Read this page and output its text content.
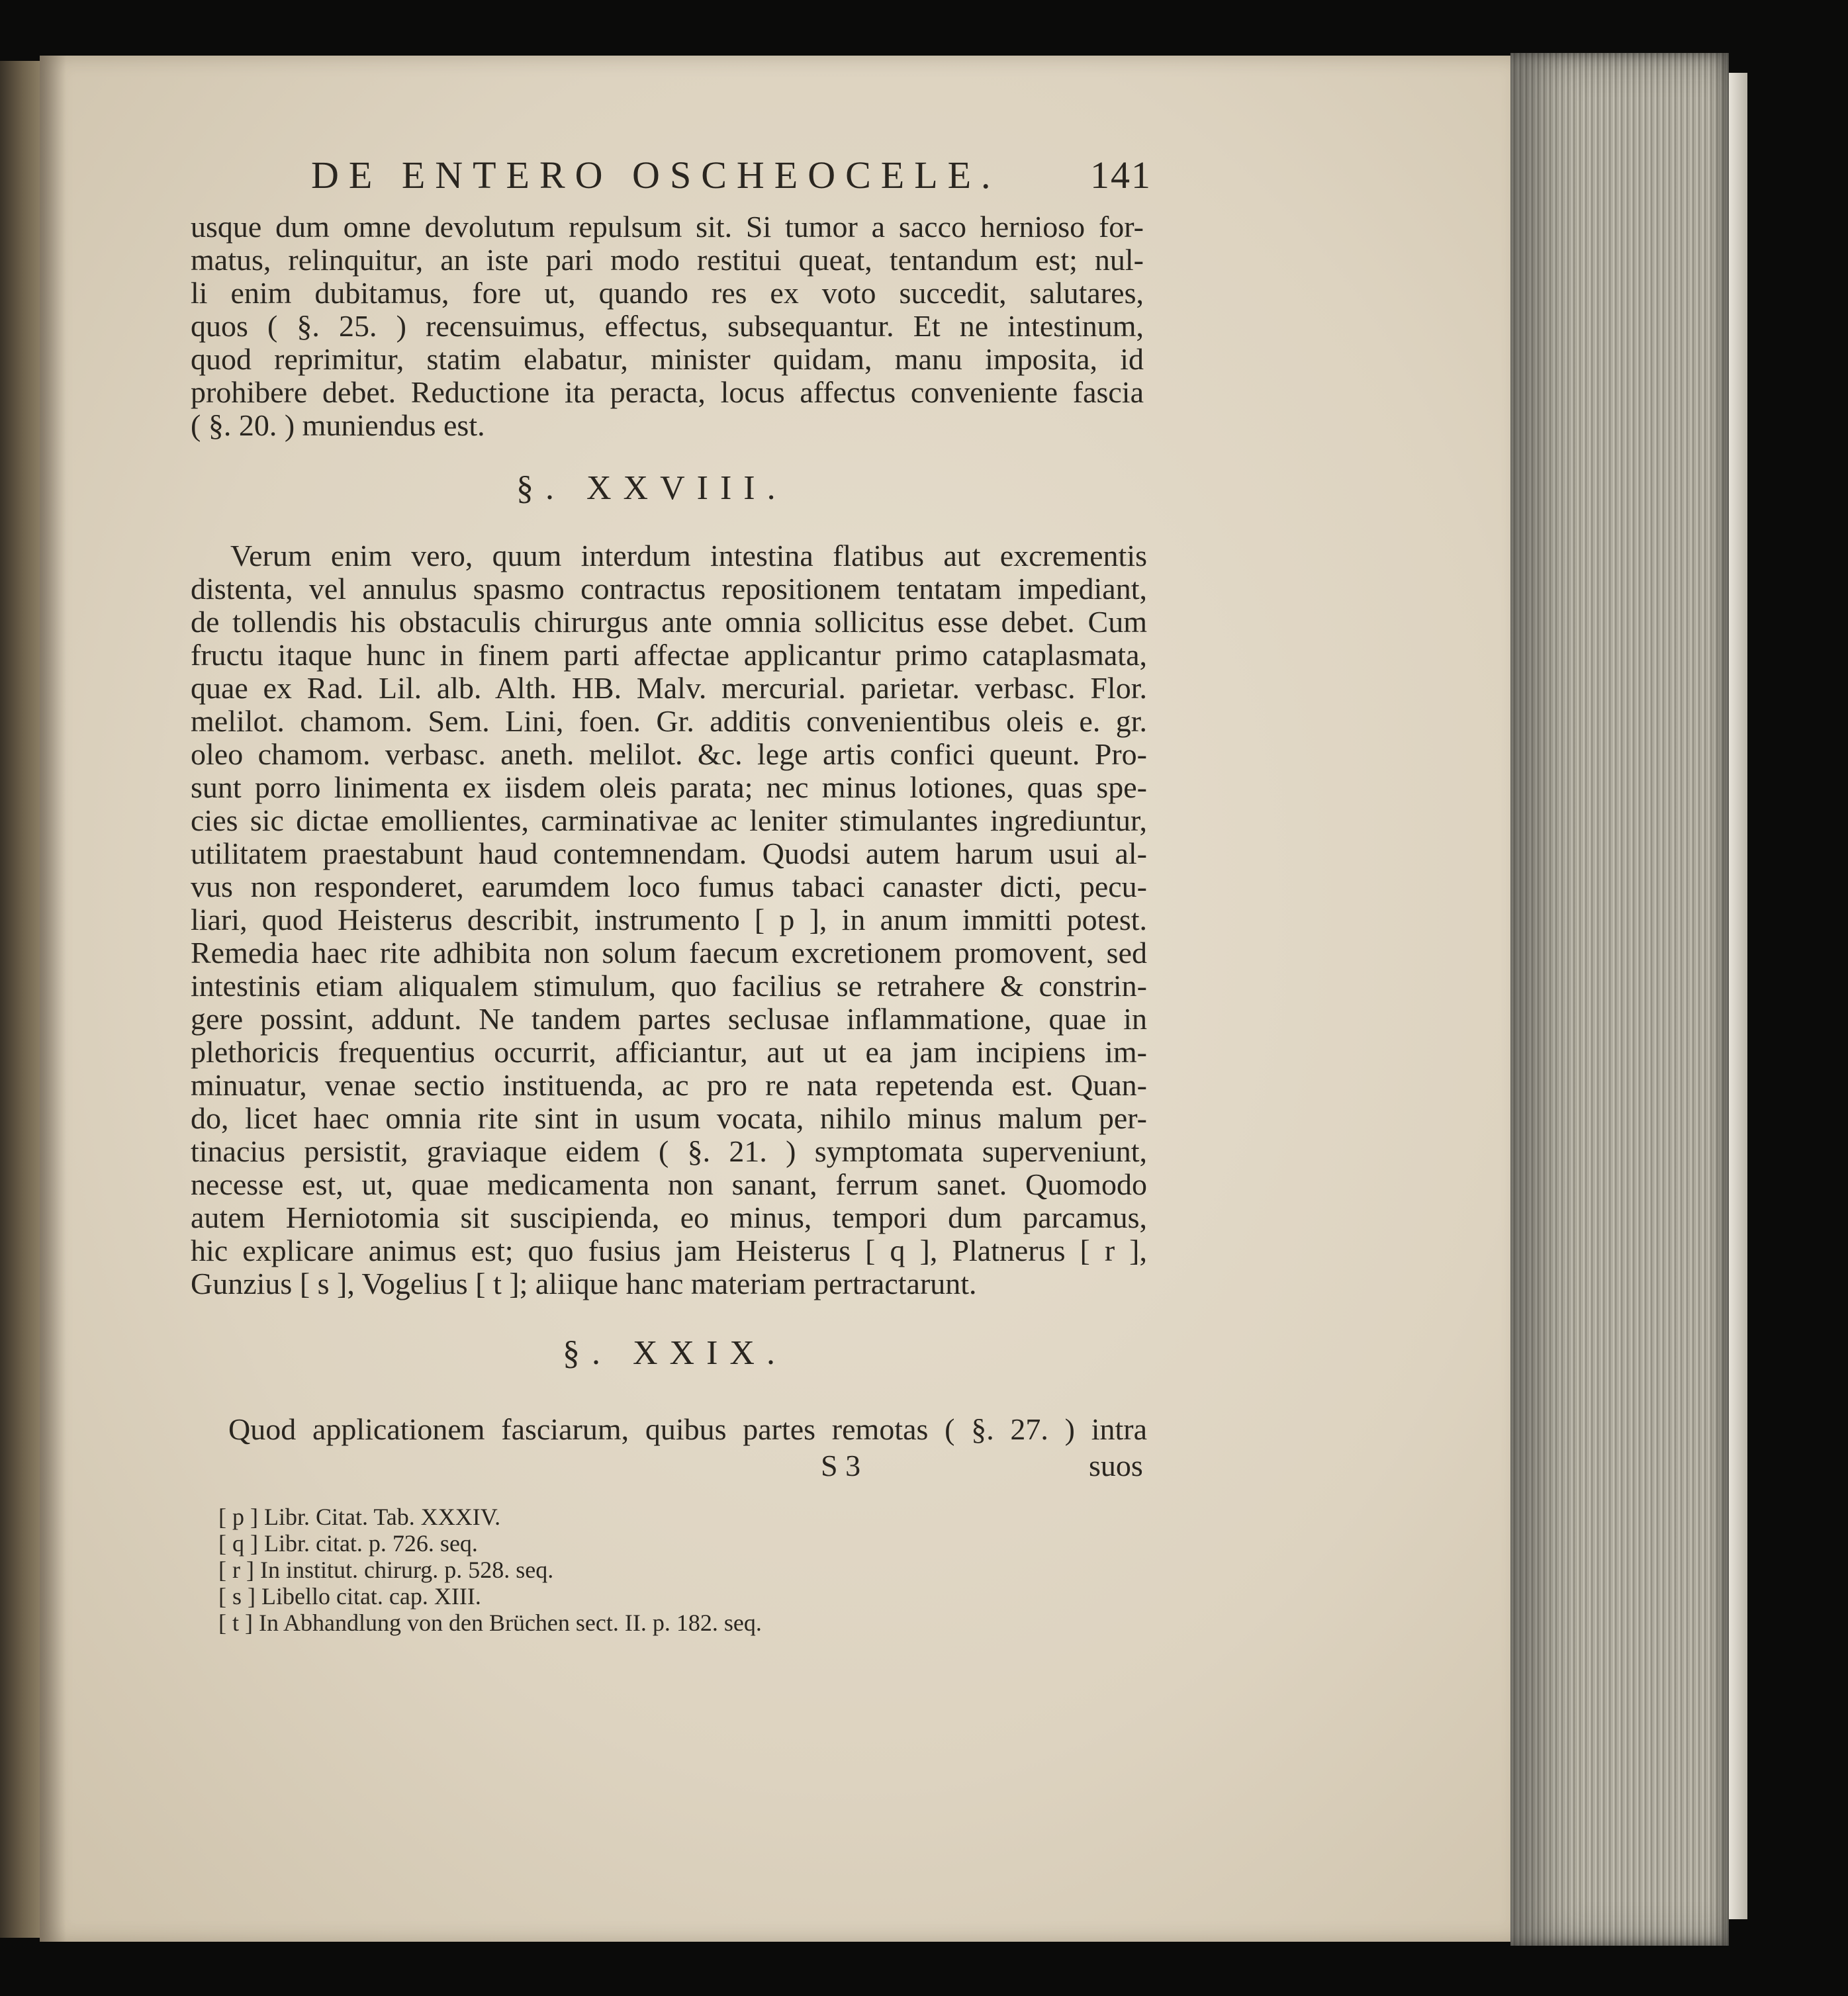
DE ENTERO OSCHEOCELE. 141
usque dum omne devolutum repulsum sit. Si tumor a sacco hernioso for-
matus, relinquitur, an iste pari modo restitui queat, tentandum est; nul-
li enim dubitamus, fore ut, quando res ex voto succedit, salutares,
quos ( §. 25. ) recensuimus, effectus, subsequantur. Et ne intestinum,
quod reprimitur, statim elabatur, minister quidam, manu imposita, id
prohibere debet. Reductione ita peracta, locus affectus conveniente fascia
( §. 20. ) muniendus est.
§. XXVIII.
Verum enim vero, quum interdum intestina flatibus aut excrementis
distenta, vel annulus spasmo contractus repositionem tentatam impediant,
de tollendis his obstaculis chirurgus ante omnia sollicitus esse debet. Cum
fructu itaque hunc in finem parti affectae applicantur primo cataplasmata,
quae ex Rad. Lil. alb. Alth. HB. Malv. mercurial. parietar. verbasc. Flor.
melilot. chamom. Sem. Lini, foen. Gr. additis convenientibus oleis e. gr.
oleo chamom. verbasc. aneth. melilot. &c. lege artis confici queunt. Pro-
sunt porro linimenta ex iisdem oleis parata; nec minus lotiones, quas spe-
cies sic dictae emollientes, carminativae ac leniter stimulantes ingrediuntur,
utilitatem praestabunt haud contemnendam. Quodsi autem harum usui al-
vus non responderet, earumdem loco fumus tabaci canaster dicti, pecu-
liari, quod Heisterus describit, instrumento [ p ], in anum immitti potest.
Remedia haec rite adhibita non solum faecum excretionem promovent, sed
intestinis etiam aliqualem stimulum, quo facilius se retrahere & constrin-
gere possint, addunt. Ne tandem partes seclusae inflammatione, quae in
plethoricis frequentius occurrit, afficiantur, aut ut ea jam incipiens im-
minuatur, venae sectio instituenda, ac pro re nata repetenda est. Quan-
do, licet haec omnia rite sint in usum vocata, nihilo minus malum per-
tinacius persistit, graviaque eidem ( §. 21. ) symptomata superveniunt,
necesse est, ut, quae medicamenta non sanant, ferrum sanet. Quomodo
autem Herniotomia sit suscipienda, eo minus, tempori dum parcamus,
hic explicare animus est; quo fusius jam Heisterus [ q ], Platnerus [ r ],
Gunzius [ s ], Vogelius [ t ]; aliique hanc materiam pertractarunt.
§. XXIX.
Quod applicationem fasciarum, quibus partes remotas ( §. 27. ) intra
S 3	suos
[ p ] Libr. Citat. Tab. XXXIV.
[ q ] Libr. citat. p. 726. seq.
[ r ] In institut. chirurg. p. 528. seq.
[ s ] Libello citat. cap. XIII.
[ t ] In Abhandlung von den Brüchen sect. II. p. 182. seq.
